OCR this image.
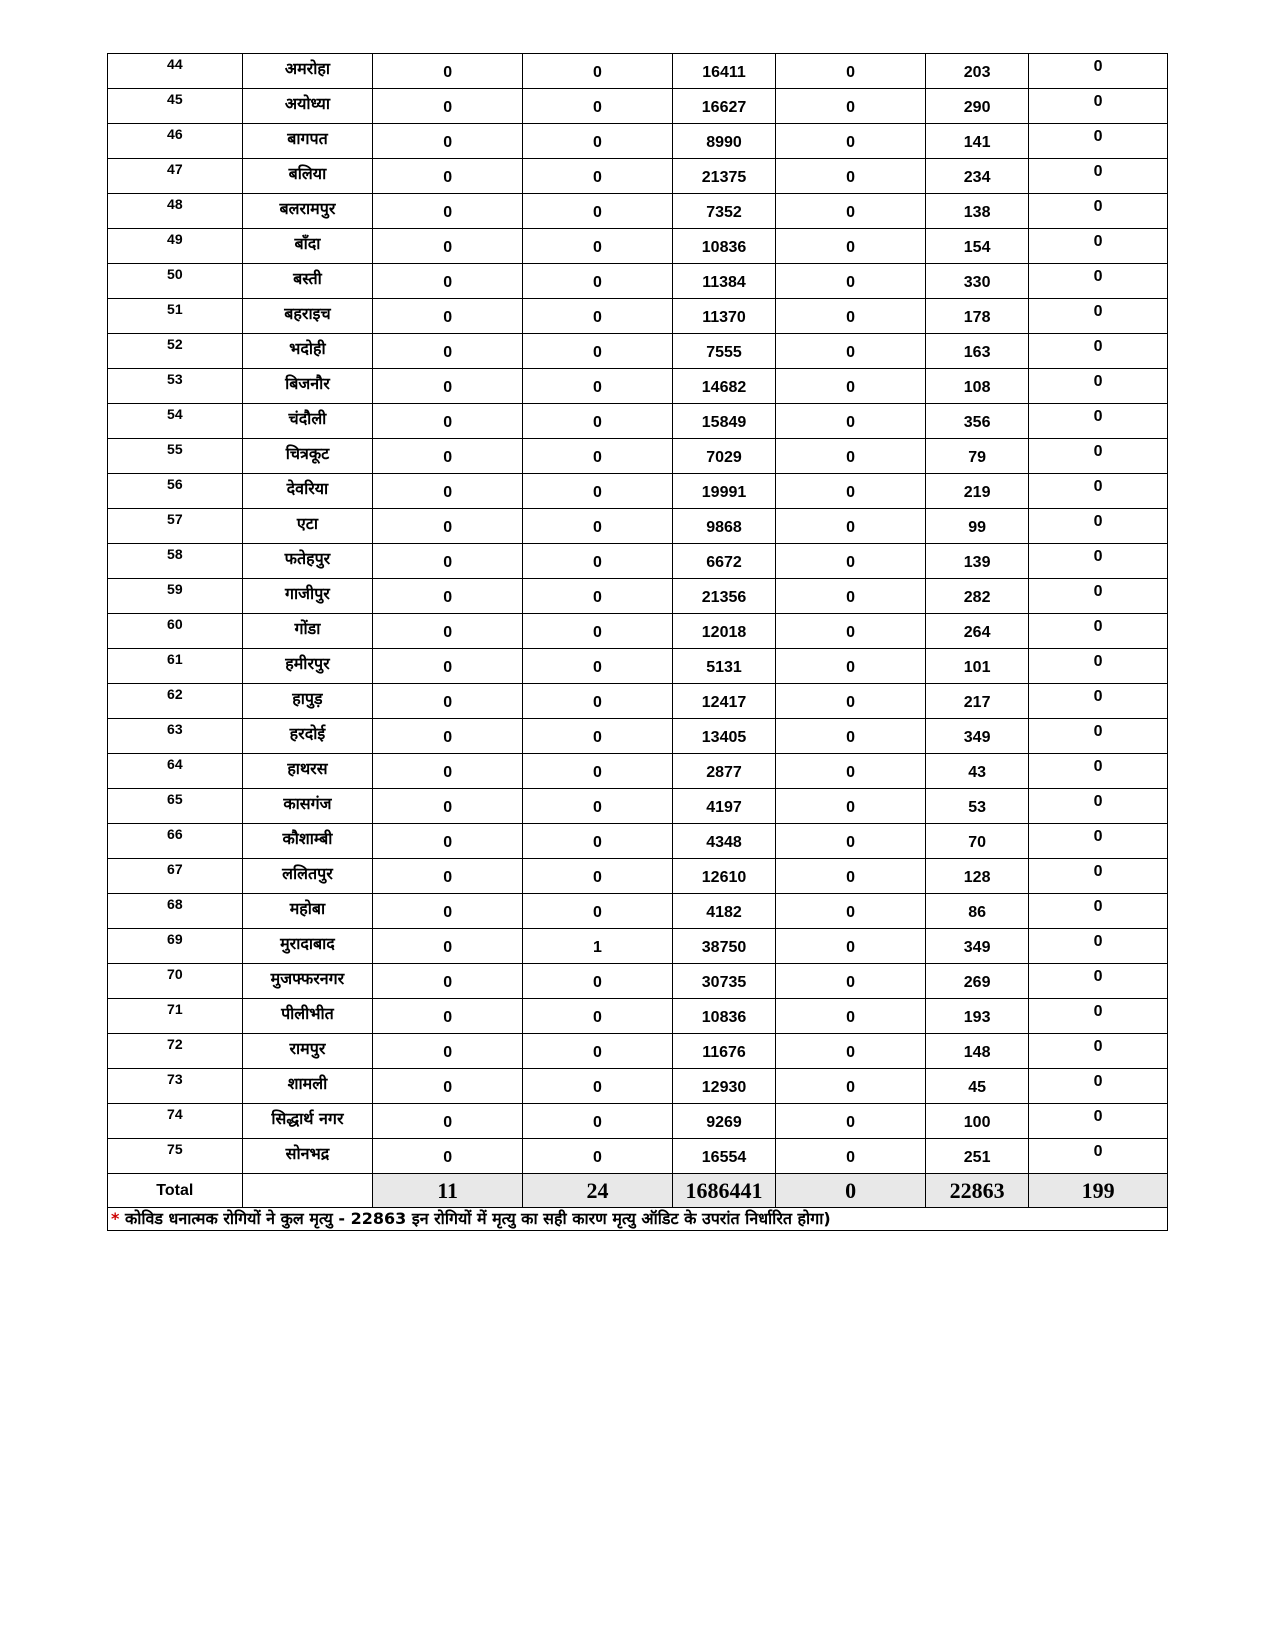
44	अमरोहा	0	0	16411	0	203	0
45	अयोध्या	0	0	16627	0	290	0
46	बागपत	0	0	8990	0	141	0
47	बलिया	0	0	21375	0	234	0
48	बलरामपुर	0	0	7352	0	138	0
49	बाँदा	0	0	10836	0	154	0
50	बस्ती	0	0	11384	0	330	0
51	बहराइच	0	0	11370	0	178	0
52	भदोही	0	0	7555	0	163	0
53	बिजनौर	0	0	14682	0	108	0
54	चंदौली	0	0	15849	0	356	0
55	चित्रकूट	0	0	7029	0	79	0
56	देवरिया	0	0	19991	0	219	0
57	एटा	0	0	9868	0	99	0
58	फतेहपुर	0	0	6672	0	139	0
59	गाजीपुर	0	0	21356	0	282	0
60	गोंडा	0	0	12018	0	264	0
61	हमीरपुर	0	0	5131	0	101	0
62	हापुड़	0	0	12417	0	217	0
63	हरदोई	0	0	13405	0	349	0
64	हाथरस	0	0	2877	0	43	0
65	कासगंज	0	0	4197	0	53	0
66	कौशाम्बी	0	0	4348	0	70	0
67	ललितपुर	0	0	12610	0	128	0
68	महोबा	0	0	4182	0	86	0
69	मुरादाबाद	0	1	38750	0	349	0
70	मुजफ्फरनगर	0	0	30735	0	269	0
71	पीलीभीत	0	0	10836	0	193	0
72	रामपुर	0	0	11676	0	148	0
73	शामली	0	0	12930	0	45	0
74	सिद्धार्थ नगर	0	0	9269	0	100	0
75	सोनभद्र	0	0	16554	0	251	0
Total		11	24	1686441	0	22863	199
* कोविड धनात्मक रोगियों ने कुल मृत्यु - 22863 इन रोगियों में मृत्यु का सही कारण मृत्यु ऑडिट के उपरांत निर्धारित होगा)							
